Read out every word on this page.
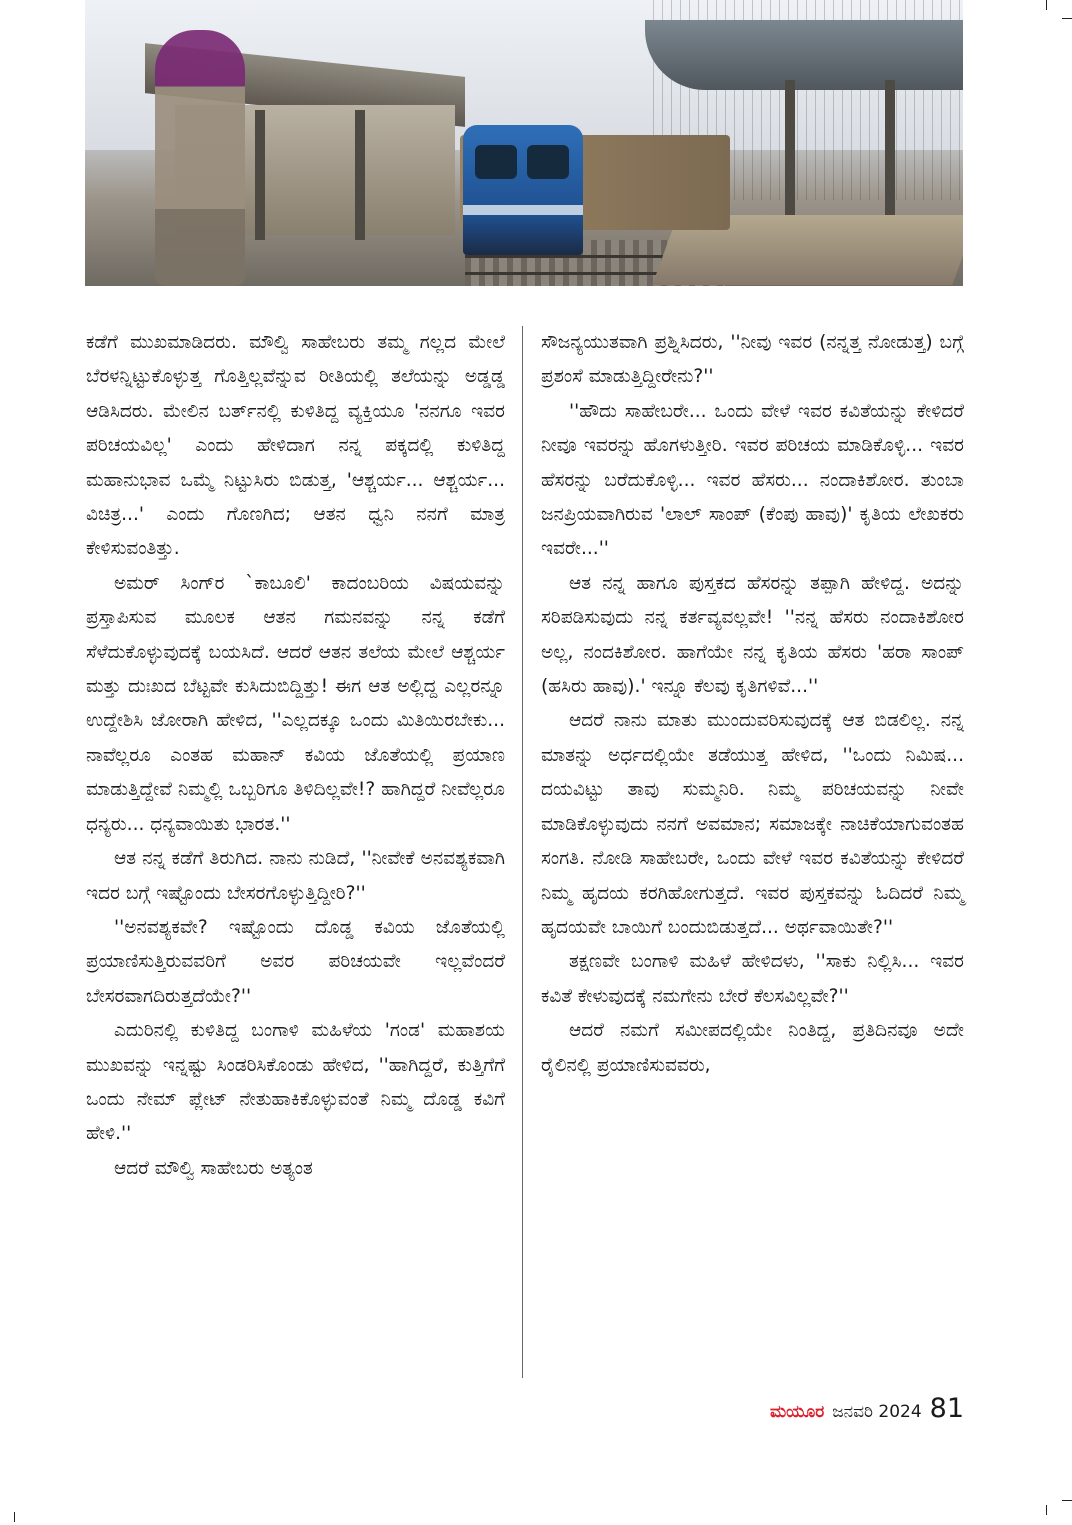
ಕಡೆಗೆ ಮುಖಮಾಡಿದರು. ಮೌಲ್ವಿ ಸಾಹೇಬರು ತಮ್ಮ ಗಲ್ಲದ ಮೇಲೆ ಬೆರಳನ್ನಿಟ್ಟುಕೊಳ್ಳುತ್ತ ಗೊತ್ತಿಲ್ಲವೆನ್ನುವ ರೀತಿಯಲ್ಲಿ ತಲೆಯನ್ನು ಅಡ್ಡಡ್ಡ ಆಡಿಸಿದರು. ಮೇಲಿನ ಬರ್ತ್‌ನಲ್ಲಿ ಕುಳಿತಿದ್ದ ವ್ಯಕ್ತಿಯೂ 'ನನಗೂ ಇವರ ಪರಿಚಯವಿಲ್ಲ' ಎಂದು ಹೇಳಿದಾಗ ನನ್ನ ಪಕ್ಕದಲ್ಲಿ ಕುಳಿತಿದ್ದ ಮಹಾನುಭಾವ ಒಮ್ಮೆ ನಿಟ್ಟುಸಿರು ಬಿಡುತ್ತ, 'ಆಶ್ಚರ್ಯ... ಆಶ್ಚರ್ಯ... ವಿಚಿತ್ರ...' ಎಂದು ಗೊಣಗಿದ; ಆತನ ಧ್ವನಿ ನನಗೆ ಮಾತ್ರ ಕೇಳಿಸುವಂತಿತ್ತು.

ಅಮರ್ ಸಿಂಗ್‌ರ `ಕಾಬೂಲಿ' ಕಾದಂಬರಿಯ ವಿಷಯವನ್ನು ಪ್ರಸ್ತಾಪಿಸುವ ಮೂಲಕ ಆತನ ಗಮನವನ್ನು ನನ್ನ ಕಡೆಗೆ ಸೆಳೆದುಕೊಳ್ಳುವುದಕ್ಕೆ ಬಯಸಿದೆ. ಆದರೆ ಆತನ ತಲೆಯ ಮೇಲೆ ಆಶ್ಚರ್ಯ ಮತ್ತು ದುಃಖದ ಬೆಟ್ಟವೇ ಕುಸಿದುಬಿದ್ದಿತ್ತು! ಈಗ ಆತ ಅಲ್ಲಿದ್ದ ಎಲ್ಲರನ್ನೂ ಉದ್ದೇಶಿಸಿ ಜೋರಾಗಿ ಹೇಳಿದ, ''ಎಲ್ಲದಕ್ಕೂ ಒಂದು ಮಿತಿಯಿರಬೇಕು... ನಾವೆಲ್ಲರೂ ಎಂತಹ ಮಹಾನ್ ಕವಿಯ ಜೊತೆಯಲ್ಲಿ ಪ್ರಯಾಣ ಮಾಡುತ್ತಿದ್ದೇವೆ ನಿಮ್ಮಲ್ಲಿ ಒಬ್ಬರಿಗೂ ತಿಳಿದಿಲ್ಲವೇ!? ಹಾಗಿದ್ದರೆ ನೀವೆಲ್ಲರೂ ಧನ್ಯರು... ಧನ್ಯವಾಯಿತು ಭಾರತ.''

ಆತ ನನ್ನ ಕಡೆಗೆ ತಿರುಗಿದ. ನಾನು ನುಡಿದೆ, ''ನೀವೇಕೆ ಅನವಶ್ಯಕವಾಗಿ ಇದರ ಬಗ್ಗೆ ಇಷ್ಟೊಂದು ಬೇಸರಗೊಳ್ಳುತ್ತಿದ್ದೀರಿ?''

''ಅನವಶ್ಯಕವೇ? ಇಷ್ಟೊಂದು ದೊಡ್ಡ ಕವಿಯ ಜೊತೆಯಲ್ಲಿ ಪ್ರಯಾಣಿಸುತ್ತಿರುವವರಿಗೆ ಅವರ ಪರಿಚಯವೇ ಇಲ್ಲವೆಂದರೆ ಬೇಸರವಾಗದಿರುತ್ತದೆಯೇ?''

ಎದುರಿನಲ್ಲಿ ಕುಳಿತಿದ್ದ ಬಂಗಾಳಿ ಮಹಿಳೆಯ 'ಗಂಡ' ಮಹಾಶಯ ಮುಖವನ್ನು ಇನ್ನಷ್ಟು ಸಿಂಡರಿಸಿಕೊಂಡು ಹೇಳಿದ, ''ಹಾಗಿದ್ದರೆ, ಕುತ್ತಿಗೆಗೆ ಒಂದು ನೇಮ್ ಪ್ಲೇಟ್ ನೇತುಹಾಕಿಕೊಳ್ಳುವಂತೆ ನಿಮ್ಮ ದೊಡ್ಡ ಕವಿಗೆ ಹೇಳಿ.''

ಆದರೆ ಮೌಲ್ವಿ ಸಾಹೇಬರು ಅತ್ಯಂತ

ಸೌಜನ್ಯಯುತವಾಗಿ ಪ್ರಶ್ನಿಸಿದರು, ''ನೀವು ಇವರ (ನನ್ನತ್ತ ನೋಡುತ್ತ) ಬಗ್ಗೆ ಪ್ರಶಂಸೆ ಮಾಡುತ್ತಿದ್ದೀರೇನು?''

''ಹೌದು ಸಾಹೇಬರೇ... ಒಂದು ವೇಳೆ ಇವರ ಕವಿತೆಯನ್ನು ಕೇಳಿದರೆ ನೀವೂ ಇವರನ್ನು ಹೊಗಳುತ್ತೀರಿ. ಇವರ ಪರಿಚಯ ಮಾಡಿಕೊಳ್ಳಿ... ಇವರ ಹೆಸರನ್ನು ಬರೆದುಕೊಳ್ಳಿ... ಇವರ ಹೆಸರು... ನಂದಾಕಿಶೋರ. ತುಂಬಾ ಜನಪ್ರಿಯವಾಗಿರುವ 'ಲಾಲ್ ಸಾಂಪ್ (ಕೆಂಪು ಹಾವು)' ಕೃತಿಯ ಲೇಖಕರು ಇವರೇ...''

ಆತ ನನ್ನ ಹಾಗೂ ಪುಸ್ತಕದ ಹೆಸರನ್ನು ತಪ್ಪಾಗಿ ಹೇಳಿದ್ದ. ಅದನ್ನು ಸರಿಪಡಿಸುವುದು ನನ್ನ ಕರ್ತವ್ಯವಲ್ಲವೇ! ''ನನ್ನ ಹೆಸರು ನಂದಾಕಿಶೋರ ಅಲ್ಲ, ನಂದಕಿಶೋರ. ಹಾಗೆಯೇ ನನ್ನ ಕೃತಿಯ ಹೆಸರು 'ಹರಾ ಸಾಂಪ್ (ಹಸಿರು ಹಾವು).' ಇನ್ನೂ ಕೆಲವು ಕೃತಿಗಳಿವೆ...''

ಆದರೆ ನಾನು ಮಾತು ಮುಂದುವರಿಸುವುದಕ್ಕೆ ಆತ ಬಿಡಲಿಲ್ಲ. ನನ್ನ ಮಾತನ್ನು ಅರ್ಧದಲ್ಲಿಯೇ ತಡೆಯುತ್ತ ಹೇಳಿದ, ''ಒಂದು ನಿಮಿಷ... ದಯವಿಟ್ಟು ತಾವು ಸುಮ್ಮನಿರಿ. ನಿಮ್ಮ ಪರಿಚಯವನ್ನು ನೀವೇ ಮಾಡಿಕೊಳ್ಳುವುದು ನನಗೆ ಅವಮಾನ; ಸಮಾಜಕ್ಕೇ ನಾಚಿಕೆಯಾಗುವಂತಹ ಸಂಗತಿ. ನೋಡಿ ಸಾಹೇಬರೇ, ಒಂದು ವೇಳೆ ಇವರ ಕವಿತೆಯನ್ನು ಕೇಳಿದರೆ ನಿಮ್ಮ ಹೃದಯ ಕರಗಿಹೋಗುತ್ತದೆ. ಇವರ ಪುಸ್ತಕವನ್ನು ಓದಿದರೆ ನಿಮ್ಮ ಹೃದಯವೇ ಬಾಯಿಗೆ ಬಂದುಬಿಡುತ್ತದೆ... ಅರ್ಥವಾಯಿತೇ?''

ತಕ್ಷಣವೇ ಬಂಗಾಳಿ ಮಹಿಳೆ ಹೇಳಿದಳು, ''ಸಾಕು ನಿಲ್ಲಿಸಿ... ಇವರ ಕವಿತೆ ಕೇಳುವುದಕ್ಕೆ ನಮಗೇನು ಬೇರೆ ಕೆಲಸವಿಲ್ಲವೇ?''

ಆದರೆ ನಮಗೆ ಸಮೀಪದಲ್ಲಿಯೇ ನಿಂತಿದ್ದ, ಪ್ರತಿದಿನವೂ ಅದೇ ರೈಲಿನಲ್ಲಿ ಪ್ರಯಾಣಿಸುವವರು,

ಮಯೂರ ಜನವರಿ 2024 81
